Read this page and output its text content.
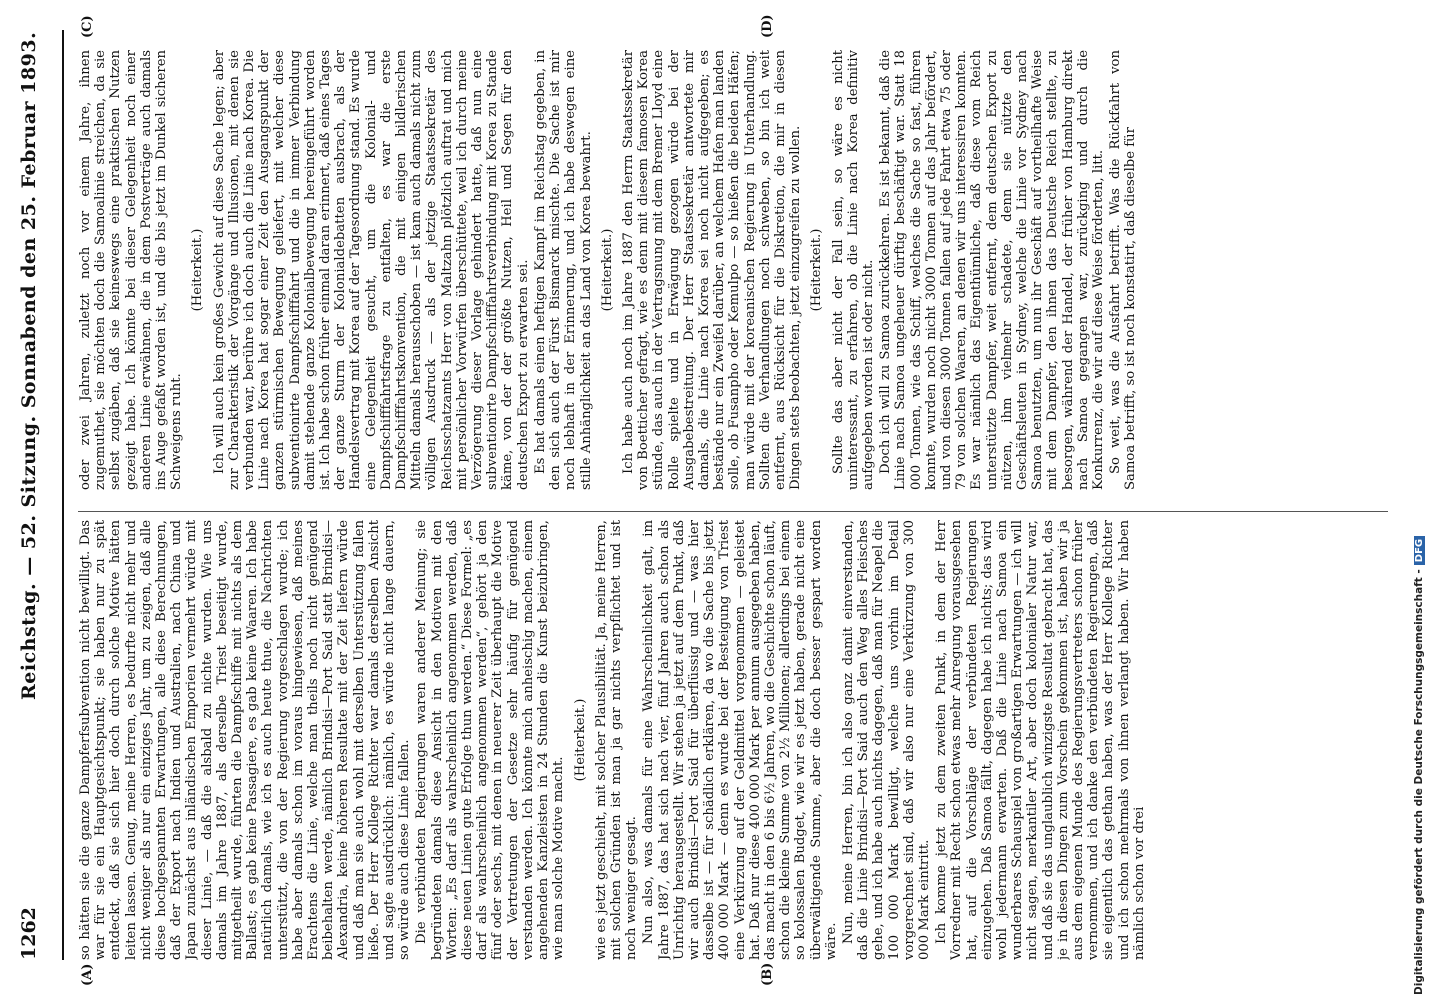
1262
Reichstag. — 52. Sitzung. Sonnabend den 25. Februar 1893.
(A)	(B)
(C)	(D)

so hätten sie die ganze Dampferfsubvention nicht bewilligt. Das war für sie ein Hauptgesichtspunkt; sie haben nur zu spät entdeckt, daß sie sich hier doch durch solche Motive hätten leiten lassen. Genug, meine Herren, es bedurfte nicht mehr und nicht weniger als nur ein einziges Jahr, um zu zeigen, daß alle diese hochgespannten Erwartungen, alle diese Berechnungen, daß der Export nach Indien und Australien, nach China und Japan zunächst aus inländischen Emporien vermehrt würde mit dieser Linie, — daß die alsbald zu nichte wurden. Wie uns damals im Jahre 1887, als derselbe Triest beseitigt wurde, mitgetheilt wurde, führten die Dampfschiffe mit nichts als dem Ballast; es gab keine Passagiere, es gab keine Waaren. Ich habe natürlich damals, wie ich es auch heute thue, die Nachrichten unterstützt, die von der Regierung vorgeschlagen wurde; ich habe aber damals schon im voraus hingewiesen, daß meines Erachtens die Linie, welche man theils noch nicht genügend beibehalten werde, nämlich Brindisi—Port Said statt Brindisi—Alexandria, keine höheren Resultate mit der Zeit liefern würde und daß man sie auch wohl mit derselben Unterstützung fallen ließe. Der Herr Kollege Richter war damals derselben Ansicht und sagte ausdrücklich: nämlich, es würde nicht lange dauern, so würde auch diese Linie fallen. Die verbündeten Regierungen waren anderer Meinung; sie begründeten damals diese Ansicht in den Motiven mit den Worten: „Es darf als wahrscheinlich angenommen werden, daß diese neuen Linien gute Erfolge thun werden.“ Diese Formel: „es darf als wahrscheinlich angenommen werden“, gehört ja den fünf oder sechs, mit denen in neuerer Zeit überhaupt die Motive der Vertretungen der Gesetze sehr häufig für genügend verstanden werden. Ich könnte mich anheischig machen, einem angehenden Kanzleisten in 24 Stunden die Kunst beizubringen, wie man solche Motive macht.

(Heiterkeit.) wie es jetzt geschieht, mit solcher Plausibilität. Ja, meine Herren, mit solchen Gründen ist man ja gar nichts verpflichtet und ist noch weniger gesagt. Nun also, was damals für eine Wahrscheinlichkeit galt, im Jahre 1887, das hat sich nach vier, fünf Jahren auch schon als Unrichtig herausgestellt. Wir stehen ja jetzt auf dem Punkt, daß wir auch Brindisi—Port Said für überflüssig und — was hier dasselbe ist — für schädlich erklären, da wo die Sache bis jetzt 400 000 Mark — denn es wurde bei der Besteigung von Triest eine Verkürzung auf der Geldmittel vorgenommen — geleistet hat. Daß nur diese 400 000 Mark per annum ausgegeben haben, das macht in den 6 bis 6½ Jahren, wo die Geschichte schon läuft, schon die kleine Summe von 2½ Millionen; allerdings bei einem so kolossalen Budget, wie wir es jetzt haben, gerade nicht eine überwältigende Summe, aber die doch besser gespart worden wäre. Nun, meine Herren, bin ich also ganz damit einverstanden, daß die Linie Brindisi—Port Said auch den Weg alles Fleisches gehe, und ich habe auch nichts dagegen, daß man für Neapel die 100 000 Mark bewilligt, welche uns vorhin im Detail vorgerechnet sind, daß wir also nur eine Verkürzung von 300 000 Mark eintritt. Ich komme jetzt zu dem zweiten Punkt, in dem der Herr Vorredner mit Recht schon etwas mehr Anregung vorausgesehen hat, auf die Vorschläge der verbündeten Regierungen einzugehen. Daß Samoa fällt, dagegen habe ich nichts; das wird wohl jedermann erwarten. Daß die Linie nach Samoa ein wunderbares Schauspiel von großartigen Erwartungen — ich will nicht sagen, merkantiler Art, aber doch kolonialer Natur war, und daß sie das unglaublich winzigste Resultat gebracht hat, das je in diesen Dingen zum Vorschein gekommen ist, haben wir ja aus dem eigenen Munde des Regierungsvertreters schon früher vernommen, und ich danke den verbündeten Regierungen, daß sie eigentlich das gethan haben, was der Herr Kollege Richter und ich schon mehrmals von ihnen verlangt haben. Wir haben nämlich schon vor drei

oder zwei Jahren, zuletzt noch vor einem Jahre, ihnen zugemuthet, sie möchten doch die Samoalinie streichen, da sie selbst zugäben, daß sie keineswegs eine praktischen Nutzen gezeigt habe. Ich könnte bei dieser Gelegenheit noch einer anderen Linie erwähnen, die in dem Postverträge auch damals ins Auge gefaßt worden ist, und die bis jetzt im Dunkel sicheren Schweigens ruht.

(Heiterkeit.) Ich will auch kein großes Gewicht auf diese Sache legen; aber zur Charakteristik der Vorgänge und Illusionen, mit denen sie verbunden war, berühre ich doch auch die Linie nach Korea. Die Linie nach Korea hat sogar einer Zeit den Ausgangspunkt der ganzen stürmischen Bewegung geliefert, mit welcher diese subventionirte Dampfschifffahrt und die in immer Verbindung damit stehende ganze Kolonialbewegung hereingeführt worden ist. Ich habe schon früher einmal daran erinnert, daß eines Tages der ganze Sturm der Kolonialdebatten ausbrach, als der Handelsvertrag mit Korea auf der Tagesordnung stand. Es wurde eine Gelegenheit gesucht, um die Kolonial- und Dampfschifffahrtsfrage zu entfalten, es war die erste Dampfschifffahrtskonvention, die mit einigen bildlerischen Mitteln damals herausschoben — ist kam auch damals nicht zum völligen Ausdruck — als der jetzige Staatssekretär des Reichsschatzamts Herr von Maltzahn plötzlich auftrat und mich mit persönlicher Vorwürfen überschüttete, weil ich durch meine Verzögerung dieser Vorlage gehindert hatte, daß nun eine subventionirte Dampfschifffahrtsverbindung mit Korea zu Stande käme, von der der größte Nutzen, Heil und Segen für den deutschen Export zu erwarten sei. Es hat damals einen heftigen Kampf im Reichstag gegeben, in den sich auch der Fürst Bismarck mischte. Die Sache ist mir noch lebhaft in der Erinnerung, und ich habe deswegen eine stille Anhänglichkeit an das Land von Korea bewahrt. (Heiterkeit.) Ich habe auch noch im Jahre 1887 den Herrn Staatssekretär von Boetticher gefragt, wie es denn mit diesem famosen Korea stünde, das auch in der Vertragsnung mit dem Bremer Lloyd eine Rolle spielte und in Erwägung gezogen würde bei der Ausgabebestreitung. Der Herr Staatssekretär antwortete mir damals, die Linie nach Korea sei noch nicht aufgegeben; es bestände nur ein Zweifel darüber, an welchem Hafen man landen solle, ob Fusanpho oder Kemulpo — so hießen die beiden Häfen; man würde mit der koreanischen Regierung in Unterhandlung. Sollten die Verhandlungen noch schweben, so bin ich weit entfernt, aus Rücksicht für die Diskretion, die mir in diesen Dingen stets beobachten, jetzt einzugreifen zu wollen. (Heiterkeit.) Sollte das aber nicht der Fall sein, so wäre es nicht uninteressant, zu erfahren, ob die Linie nach Korea definitiv aufgegeben worden ist oder nicht. Doch ich will zu Samoa zurückkehren. Es ist bekannt, daß die Linie nach Samoa ungeheuer dürftig beschäftigt war. Statt 18 000 Tonnen, wie das Schiff, welches die Sache so fast, führen konnte, wurden noch nicht 3000 Tonnen auf das Jahr befördert, und von diesen 3000 Tonnen fallen auf jede Fahrt etwa 75 oder 79 von solchen Waaren, an denen wir uns interessiren konnten. Es war nämlich das Eigenthümliche, daß diese vom Reich unterstützte Dampfer, weit entfernt, dem deutschen Export zu nützen, ihm vielmehr schadete, denn sie nützte den Geschäftsleuten in Sydney, welche die Linie vor Sydney nach Samoa benutzten, um nun ihr Geschäft auf vortheilhafte Weise mit dem Dampfer, den ihnen das Deutsche Reich stellte, zu besorgen, während der Handel, der früher von Hamburg direkt nach Samoa gegangen war, zurückging und durch die Konkurrenz, die wir auf diese Weise förderten, litt. So weit, was die Ausfahrt betrifft. Was die Rückfahrt von Samoa betrifft, so ist noch konstatirt, daß dieselbe für

Digitalisierung gefördert durch die Deutsche Forschungsgemeinschaft -DFG
